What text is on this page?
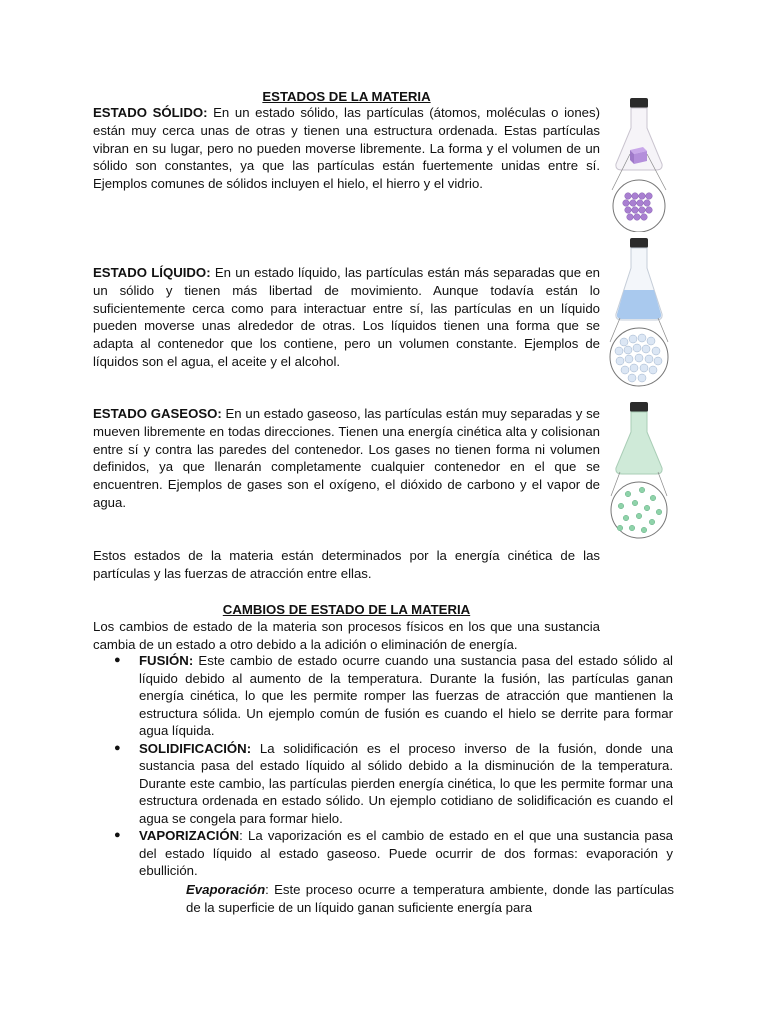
ESTADOS DE LA MATERIA

ESTADO SÓLIDO: En un estado sólido, las partículas (átomos, moléculas o iones) están muy cerca unas de otras y tienen una estructura ordenada. Estas partículas vibran en su lugar, pero no pueden moverse libremente. La forma y el volumen de un sólido son constantes, ya que las partículas están fuertemente unidas entre sí. Ejemplos comunes de sólidos incluyen el hielo, el hierro y el vidrio.

ESTADO LÍQUIDO: En un estado líquido, las partículas están más separadas que en un sólido y tienen más libertad de movimiento. Aunque todavía están lo suficientemente cerca como para interactuar entre sí, las partículas en un líquido pueden moverse unas alrededor de otras. Los líquidos tienen una forma que se adapta al contenedor que los contiene, pero un volumen constante. Ejemplos de líquidos son el agua, el aceite y el alcohol.

ESTADO GASEOSO: En un estado gaseoso, las partículas están muy separadas y se mueven libremente en todas direcciones. Tienen una energía cinética alta y colisionan entre sí y contra las paredes del contenedor. Los gases no tienen forma ni volumen definidos, ya que llenarán completamente cualquier contenedor en el que se encuentren. Ejemplos de gases son el oxígeno, el dióxido de carbono y el vapor de agua.

Estos estados de la materia están determinados por la energía cinética de las partículas y las fuerzas de atracción entre ellas.

CAMBIOS DE ESTADO DE LA MATERIA

Los cambios de estado de la materia son procesos físicos en los que una sustancia cambia de un estado a otro debido a la adición o eliminación de energía.

● FUSIÓN: Este cambio de estado ocurre cuando una sustancia pasa del estado sólido al líquido debido al aumento de la temperatura. Durante la fusión, las partículas ganan energía cinética, lo que les permite romper las fuerzas de atracción que mantienen la estructura sólida. Un ejemplo común de fusión es cuando el hielo se derrite para formar agua líquida.
● SOLIDIFICACIÓN: La solidificación es el proceso inverso de la fusión, donde una sustancia pasa del estado líquido al sólido debido a la disminución de la temperatura. Durante este cambio, las partículas pierden energía cinética, lo que les permite formar una estructura ordenada en estado sólido. Un ejemplo cotidiano de solidificación es cuando el agua se congela para formar hielo.
● VAPORIZACIÓN: La vaporización es el cambio de estado en el que una sustancia pasa del estado líquido al estado gaseoso. Puede ocurrir de dos formas: evaporación y ebullición.

Evaporación: Este proceso ocurre a temperatura ambiente, donde las partículas de la superficie de un líquido ganan suficiente energía para
